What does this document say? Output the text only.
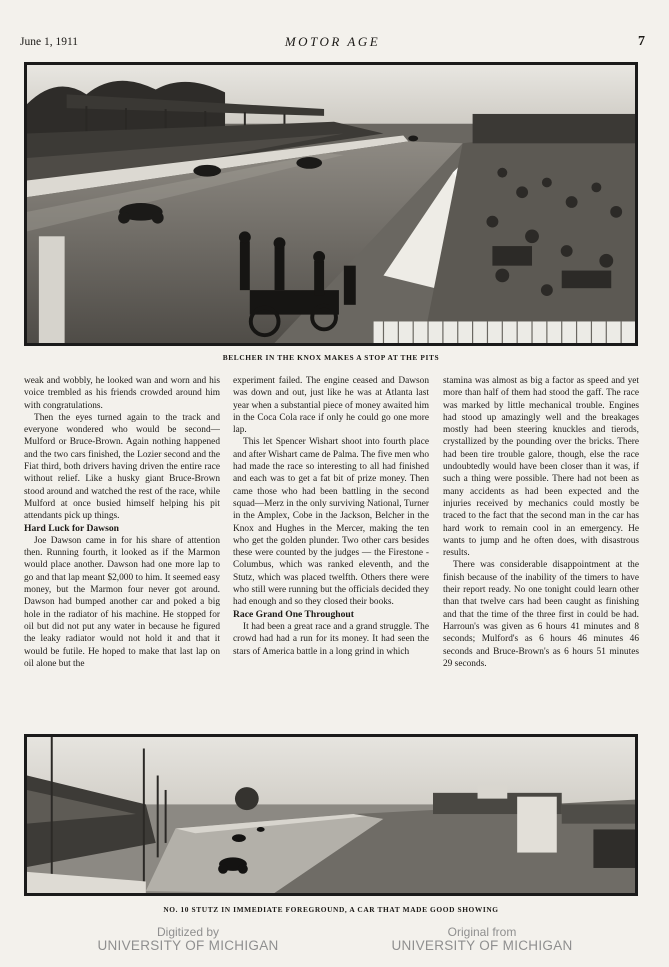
June 1, 1911	MOTOR AGE	7
BELCHER IN THE KNOX MAKES A STOP AT THE PITS

weak and wobbly, he looked wan and worn and his voice trembled as his friends crowded around him with congratulations.

Then the eyes turned again to the track and everyone wondered who would be second—Mulford or Bruce-Brown. Again nothing happened and the two cars finished, the Lozier second and the Fiat third, both drivers having driven the entire race without relief. Like a husky giant Bruce-Brown stood around and watched the rest of the race, while Mulford at once busied himself helping his pit attendants pick up things.

Hard Luck for Dawson

Joe Dawson came in for his share of attention then. Running fourth, it looked as if the Marmon would place another. Dawson had one more lap to go and that lap meant $2,000 to him. It seemed easy money, but the Marmon four never got around. Dawson had bumped another car and poked a big hole in the radiator of his machine. He stopped for oil but did not put any water in because he figured the leaky radiator would not hold it and that it would be futile. He hoped to make that last lap on oil alone but the

experiment failed. The engine ceased and Dawson was down and out, just like he was at Atlanta last year when a substantial piece of money awaited him in the Coca Cola race if only he could go one more lap.

This let Spencer Wishart shoot into fourth place and after Wishart came de Palma. The five men who had made the race so interesting to all had finished and each was to get a fat bit of prize money. Then came those who had been battling in the second squad—Merz in the only surviving National, Turner in the Amplex, Cobe in the Jackson, Belcher in the Knox and Hughes in the Mercer, making the ten who get the golden plunder. Two other cars besides these were counted by the judges — the Firestone - Columbus, which was ranked eleventh, and the Stutz, which was placed twelfth. Others there were who still were running but the officials decided they had enough and so they closed their books.

Race Grand One Throughout

It had been a great race and a grand struggle. The crowd had had a run for its money. It had seen the stars of America battle in a long grind in which

stamina was almost as big a factor as speed and yet more than half of them had stood the gaff. The race was marked by little mechanical trouble. Engines had stood up amazingly well and the breakages mostly had been steering knuckles and tierods, crystallized by the pounding over the bricks. There had been tire trouble galore, though, else the race undoubtedly would have been closer than it was, if such a thing were possible. There had not been as many accidents as had been expected and the injuries received by mechanics could mostly be traced to the fact that the second man in the car has hard work to remain cool in an emergency. He wants to jump and he often does, with disastrous results.

There was considerable disappointment at the finish because of the inability of the timers to have their report ready. No one tonight could learn other than that twelve cars had been caught as finishing and that the time of the three first in could be had. Harroun's was given as 6 hours 41 minutes and 8 seconds; Mulford's as 6 hours 46 minutes 46 seconds and Bruce-Brown's as 6 hours 51 minutes 29 seconds.

NO. 10 STUTZ IN IMMEDIATE FOREGROUND, A CAR THAT MADE GOOD SHOWING
Digitized by
UNIVERSITY OF MICHIGAN
Original from
UNIVERSITY OF MICHIGAN
